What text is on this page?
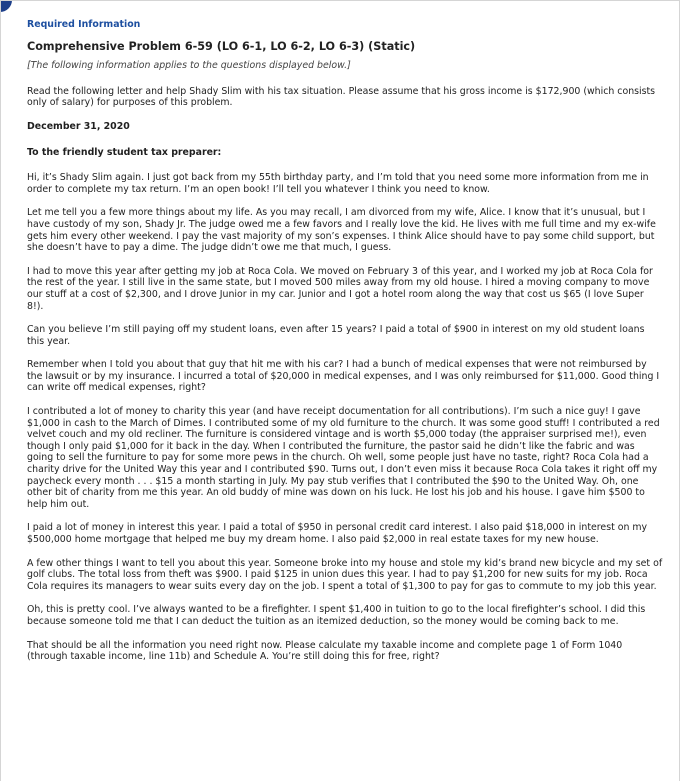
Required Information
Comprehensive Problem 6-59 (LO 6-1, LO 6-2, LO 6-3) (Static)
[The following information applies to the questions displayed below.]
Read the following letter and help Shady Slim with his tax situation. Please assume that his gross income is $172,900 (which consists only of salary) for purposes of this problem.
December 31, 2020
To the friendly student tax preparer:
Hi, it’s Shady Slim again. I just got back from my 55th birthday party, and I’m told that you need some more information from me in order to complete my tax return. I’m an open book! I’ll tell you whatever I think you need to know.
Let me tell you a few more things about my life. As you may recall, I am divorced from my wife, Alice. I know that it’s unusual, but I have custody of my son, Shady Jr. The judge owed me a few favors and I really love the kid. He lives with me full time and my ex-wife gets him every other weekend. I pay the vast majority of my son’s expenses. I think Alice should have to pay some child support, but she doesn’t have to pay a dime. The judge didn’t owe me that much, I guess.
I had to move this year after getting my job at Roca Cola. We moved on February 3 of this year, and I worked my job at Roca Cola for the rest of the year. I still live in the same state, but I moved 500 miles away from my old house. I hired a moving company to move our stuff at a cost of $2,300, and I drove Junior in my car. Junior and I got a hotel room along the way that cost us $65 (I love Super 8!).
Can you believe I’m still paying off my student loans, even after 15 years? I paid a total of $900 in interest on my old student loans this year.
Remember when I told you about that guy that hit me with his car? I had a bunch of medical expenses that were not reimbursed by the lawsuit or by my insurance. I incurred a total of $20,000 in medical expenses, and I was only reimbursed for $11,000. Good thing I can write off medical expenses, right?
I contributed a lot of money to charity this year (and have receipt documentation for all contributions). I’m such a nice guy! I gave $1,000 in cash to the March of Dimes. I contributed some of my old furniture to the church. It was some good stuff! I contributed a red velvet couch and my old recliner. The furniture is considered vintage and is worth $5,000 today (the appraiser surprised me!), even though I only paid $1,000 for it back in the day. When I contributed the furniture, the pastor said he didn’t like the fabric and was going to sell the furniture to pay for some more pews in the church. Oh well, some people just have no taste, right? Roca Cola had a charity drive for the United Way this year and I contributed $90. Turns out, I don’t even miss it because Roca Cola takes it right off my paycheck every month . . . $15 a month starting in July. My pay stub verifies that I contributed the $90 to the United Way. Oh, one other bit of charity from me this year. An old buddy of mine was down on his luck. He lost his job and his house. I gave him $500 to help him out.
I paid a lot of money in interest this year. I paid a total of $950 in personal credit card interest. I also paid $18,000 in interest on my $500,000 home mortgage that helped me buy my dream home. I also paid $2,000 in real estate taxes for my new house.
A few other things I want to tell you about this year. Someone broke into my house and stole my kid’s brand new bicycle and my set of golf clubs. The total loss from theft was $900. I paid $125 in union dues this year. I had to pay $1,200 for new suits for my job. Roca Cola requires its managers to wear suits every day on the job. I spent a total of $1,300 to pay for gas to commute to my job this year.
Oh, this is pretty cool. I’ve always wanted to be a firefighter. I spent $1,400 in tuition to go to the local firefighter’s school. I did this because someone told me that I can deduct the tuition as an itemized deduction, so the money would be coming back to me.
That should be all the information you need right now. Please calculate my taxable income and complete page 1 of Form 1040 (through taxable income, line 11b) and Schedule A. You’re still doing this for free, right?
